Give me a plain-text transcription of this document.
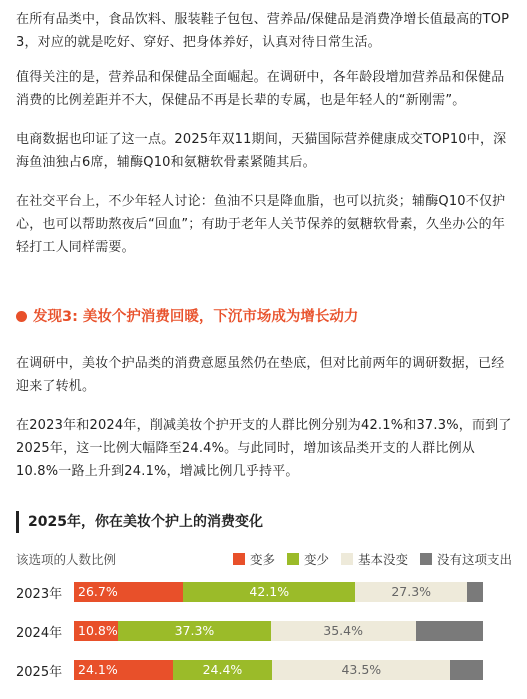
在所有品类中，食品饮料、服装鞋子包包、营养品/保健品是消费净增长值最高的TOP 3，对应的就是吃好、穿好、把身体养好，认真对待日常生活。

值得关注的是，营养品和保健品全面崛起。在调研中，各年龄段增加营养品和保健品消费的比例差距并不大，保健品不再是长辈的专属，也是年轻人的“新刚需”。

电商数据也印证了这一点。2025年双11期间，天猫国际营养健康成交TOP10中，深海鱼油独占6席，辅酶Q10和氨糖软骨素紧随其后。

在社交平台上，不少年轻人讨论：鱼油不只是降血脂，也可以抗炎；辅酶Q10不仅护心，也可以帮助熬夜后“回血”；有助于老年人关节保养的氨糖软骨素，久坐办公的年轻打工人同样需要。

发现3: 美妆个护消费回暖，下沉市场成为增长动力

在调研中，美妆个护品类的消费意愿虽然仍在垫底，但对比前两年的调研数据，已经迎来了转机。

在2023年和2024年，削减美妆个护开支的人群比例分别为42.1%和37.3%，而到了2025年，这一比例大幅降至24.4%。与此同时，增加该品类开支的人群比例从10.8%一路上升到24.1%，增减比例几乎持平。

2025年，你在美妆个护上的消费变化
该选项的人数比例	变多 变少 基本没变 没有这项支出
2023年	26.7%	42.1%	27.3%
2024年	10.8%	37.3%	35.4%
2025年	24.1%	24.4%	43.5%
